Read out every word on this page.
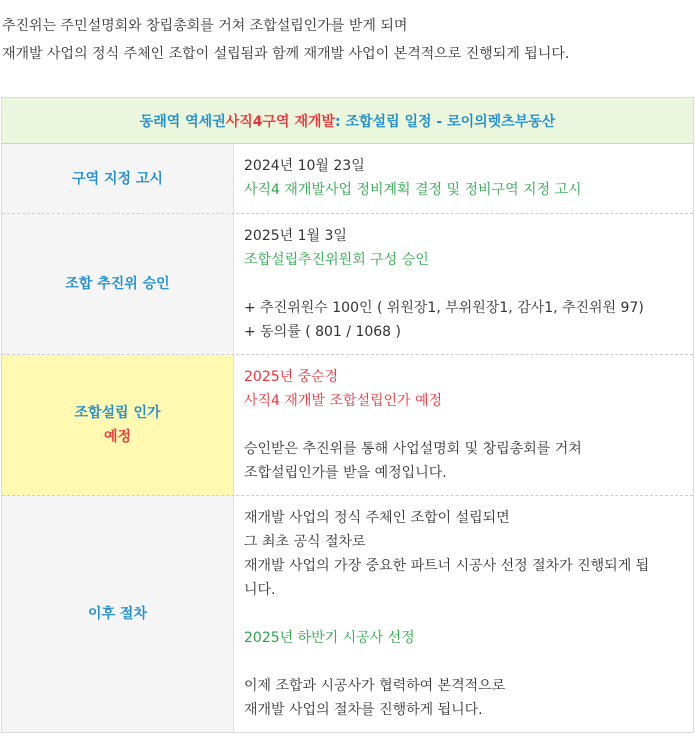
추진위는 주민설명회와 창립총회를 거쳐 조합설립인가를 받게 되며

재개발 사업의 정식 주체인 조합이 설립됨과 함께 재개발 사업이 본격적으로 진행되게 됩니다.

동래역 역세권 사직4구역 재개발 : 조합설립 일정 - 로이의렛츠부동산
구역 지정 고시
2024년 10월 23일
사직4 재개발사업 정비계획 결정 및 정비구역 지정 고시
조합 추진위 승인
2025년 1월 3일
조합설립추진위원회 구성 승인
+ 추진위원수 100인 ( 위원장1, 부위원장1, 감사1, 추진위원 97)
+ 동의률 ( 801 / 1068 )
조합설립 인가
예정
2025년 중순경
사직4 재개발 조합설립인가 예정
승인받은 추진위를 통해 사업설명회 및 창립총회를 거쳐
조합설립인가를 받을 예정입니다.
이후 절차
재개발 사업의 정식 주체인 조합이 설립되면
그 최초 공식 절차로
재개발 사업의 가장 중요한 파트너 시공사 선정 절차가 진행되게 됩
니다.
2025년 하반기 시공사 선정
이제 조합과 시공사가 협력하여 본격적으로
재개발 사업의 절차를 진행하게 됩니다.
